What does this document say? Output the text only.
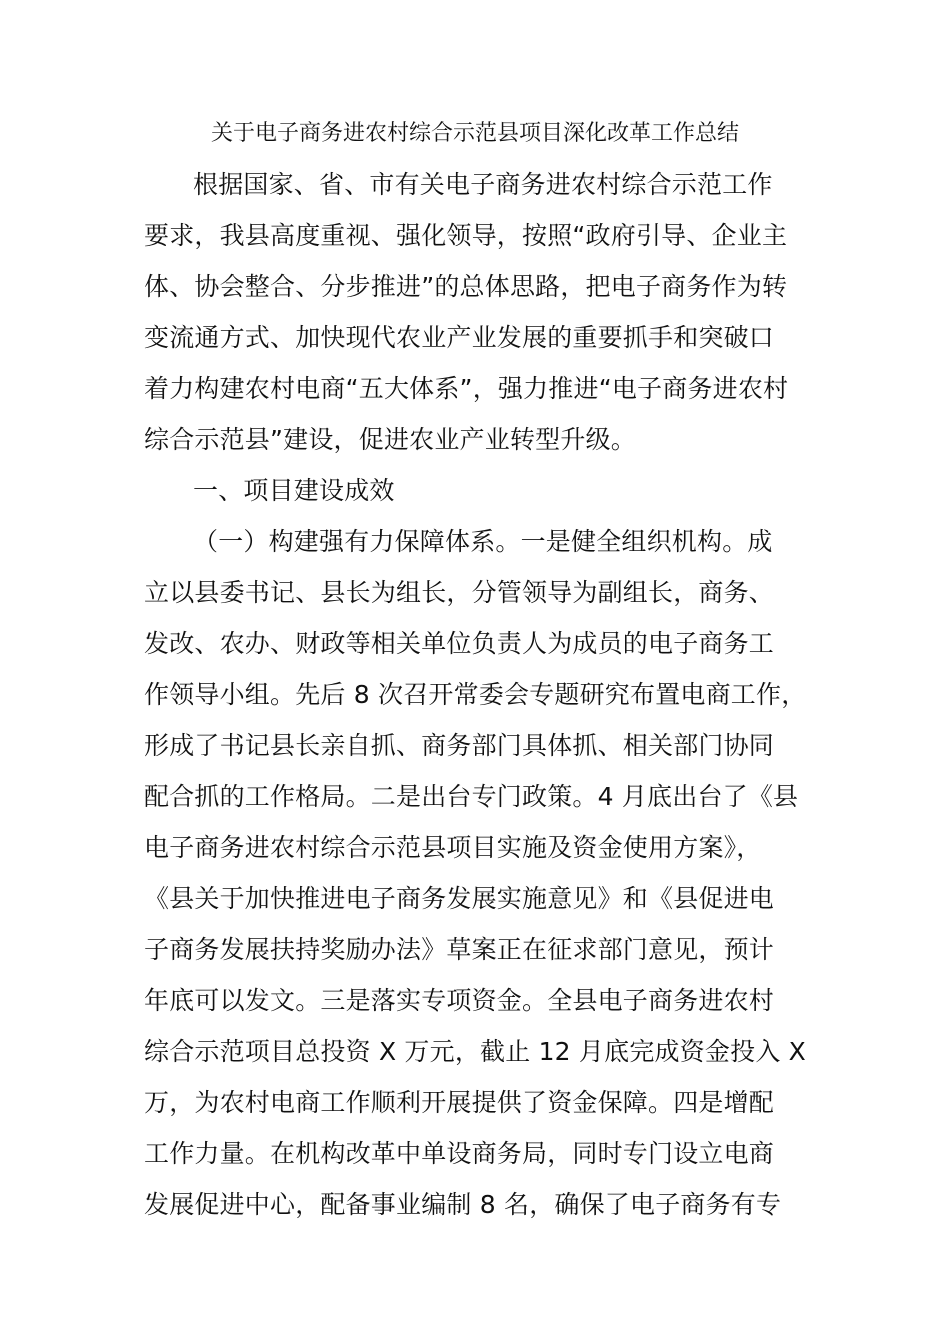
关于电子商务进农村综合示范县项目深化改革工作总结
根据国家、省、市有关电子商务进农村综合示范工作
要求，我县高度重视、强化领导，按照“政府引导、企业主
体、协会整合、分步推进”的总体思路，把电子商务作为转
变流通方式、加快现代农业产业发展的重要抓手和突破口
着力构建农村电商“五大体系”，强力推进“电子商务进农村
综合示范县”建设，促进农业产业转型升级。
一、项目建设成效
（一）构建强有力保障体系。一是健全组织机构。成
立以县委书记、县长为组长，分管领导为副组长，商务、
发改、农办、财政等相关单位负责人为成员的电子商务工
作领导小组。先后 8 次召开常委会专题研究布置电商工作，
形成了书记县长亲自抓、商务部门具体抓、相关部门协同
配合抓的工作格局。二是出台专门政策。4 月底出台了《县
电子商务进农村综合示范县项目实施及资金使用方案》，
《县关于加快推进电子商务发展实施意见》和《县促进电
子商务发展扶持奖励办法》草案正在征求部门意见，预计
年底可以发文。三是落实专项资金。全县电子商务进农村
综合示范项目总投资 X 万元，截止 12 月底完成资金投入 X
万，为农村电商工作顺利开展提供了资金保障。四是增配
工作力量。在机构改革中单设商务局，同时专门设立电商
发展促进中心，配备事业编制 8 名，确保了电子商务有专
